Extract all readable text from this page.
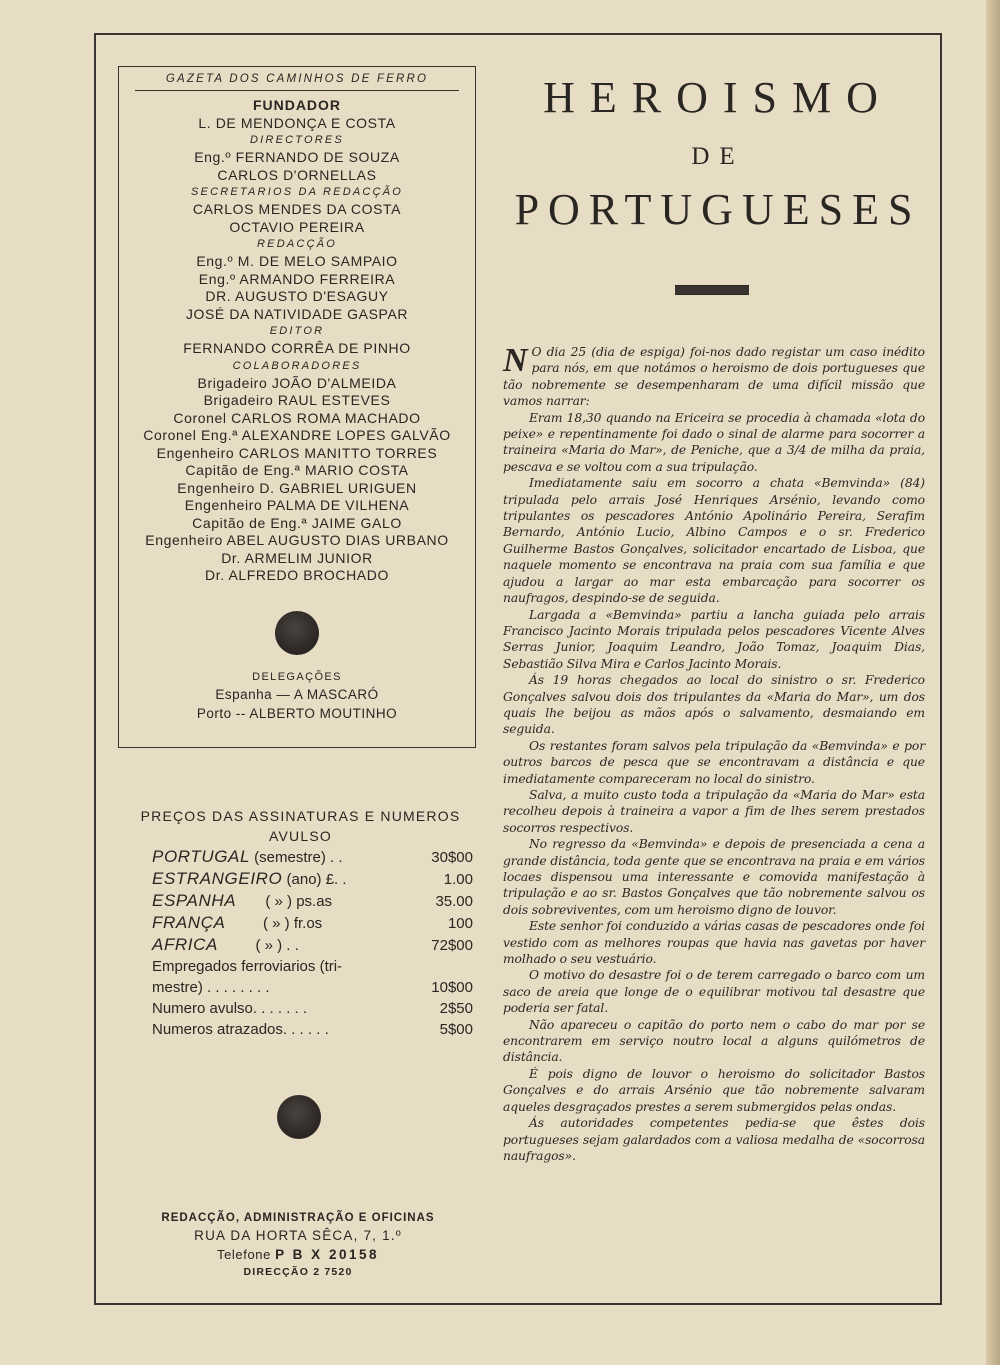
GAZETA DOS CAMINHOS DE FERRO
FUNDADOR
L. DE MENDONÇA E COSTA
DIRECTORES
Eng.º FERNANDO DE SOUZA
CARLOS D'ORNELLAS
SECRETARIOS DA REDACÇÃO
CARLOS MENDES DA COSTA
OCTAVIO PEREIRA
REDACÇÃO
Eng.º M. DE MELO SAMPAIO
Eng.º ARMANDO FERREIRA
DR. AUGUSTO D'ESAGUY
JOSÉ DA NATIVIDADE GASPAR
EDITOR
FERNANDO CORRÊA DE PINHO
COLABORADORES
Brigadeiro JOÃO D'ALMEIDA
Brigadeiro RAUL ESTEVES
Coronel CARLOS ROMA MACHADO
Coronel Eng.ª ALEXANDRE LOPES GALVÃO
Engenheiro CARLOS MANITTO TORRES
Capitão de Eng.ª MARIO COSTA
Engenheiro D. GABRIEL URIGUEN
Engenheiro PALMA DE VILHENA
Capitão de Eng.ª JAIME GALO
Engenheiro ABEL AUGUSTO DIAS URBANO
Dr. ARMELIM JUNIOR
Dr. ALFREDO BROCHADO
DELEGAÇÕES
Espanha — A MASCARÓ
Porto -- ALBERTO MOUTINHO
PREÇOS DAS ASSINATURAS E NUMEROS
AVULSO
PORTUGAL (semestre) . .	30$00
ESTRANGEIRO (ano) £. .	1.00
ESPANHA       ( » ) ps.as	35.00
FRANÇA         ( » ) fr.os	100
AFRICA         ( » ) . .	72$00
Empregados ferroviarios (tri-
mestre) . . . . . . . .	10$00
Numero avulso. . . . . . .	2$50
Numeros atrazados. . . . . .	5$00
REDACÇÃO, ADMINISTRAÇÃO E OFICINAS
RUA DA HORTA SÊCA, 7, 1.º
Telefone P B X 20158
DIRECÇÃO 2 7520
HEROISMO
DE
PORTUGUESES

N O dia 25 (dia de espiga) foi-nos dado registar um caso inédito para nós, em que notámos o heroismo de dois portugueses que tão nobremente se desempenharam de uma difícil missão que vamos narrar:

Eram 18,30 quando na Ericeira se procedia à chamada «lota do peixe» e repentinamente foi dado o sinal de alarme para socorrer a traineira «Maria do Mar», de Peniche, que a 3/4 de milha da praia, pescava e se voltou com a sua tripulação.

Imediatamente saiu em socorro a chata «Bemvinda» (84) tripulada pelo arrais José Henriques Arsénio, levando como tripulantes os pescadores António Apolinário Pereira, Serafim Bernardo, António Lucio, Albino Campos e o sr. Frederico Guilherme Bastos Gonçalves, solicitador encartado de Lisboa, que naquele momento se encontrava na praia com sua família e que ajudou a largar ao mar esta embarcação para socorrer os naufragos, despindo-se de seguida.

Largada a «Bemvinda» partiu a lancha guiada pelo arrais Francisco Jacinto Morais tripulada pelos pescadores Vicente Alves Serras Junior, Joaquim Leandro, João Tomaz, Joaquim Dias, Sebastião Silva Mira e Carlos Jacinto Morais.

Ás 19 horas chegados ao local do sinistro o sr. Frederico Gonçalves salvou dois dos tripulantes da «Maria do Mar», um dos quais lhe beijou as mãos após o salvamento, desmaiando em seguida.

Os restantes foram salvos pela tripulação da «Bemvinda» e por outros barcos de pesca que se encontravam a distância e que imediatamente compareceram no local do sinistro.

Salva, a muito custo toda a tripulação da «Maria do Mar» esta recolheu depois à traineira a vapor a fim de lhes serem prestados socorros respectivos.

No regresso da «Bemvinda» e depois de presenciada a cena a grande distância, toda gente que se encontrava na praia e em vários locaes dispensou uma interessante e comovida manifestação à tripulação e ao sr. Bastos Gonçalves que tão nobremente salvou os dois sobreviventes, com um heroismo digno de louvor.

Este senhor foi conduzido a várias casas de pescadores onde foi vestido com as melhores roupas que havia nas gavetas por haver molhado o seu vestuário.

O motivo do desastre foi o de terem carregado o barco com um saco de areia que longe de o equilibrar motivou tal desastre que poderia ser fatal.

Não apareceu o capitão do porto nem o cabo do mar por se encontrarem em serviço noutro local a alguns quilómetros de distância.

É pois digno de louvor o heroismo do solicitador Bastos Gonçalves e do arrais Arsénio que tão nobremente salvaram aqueles desgraçados prestes a serem submergidos pelas ondas.

Ás autoridades competentes pedia-se que êstes dois portugueses sejam galardados com a valiosa medalha de «socorrosa naufragos».
